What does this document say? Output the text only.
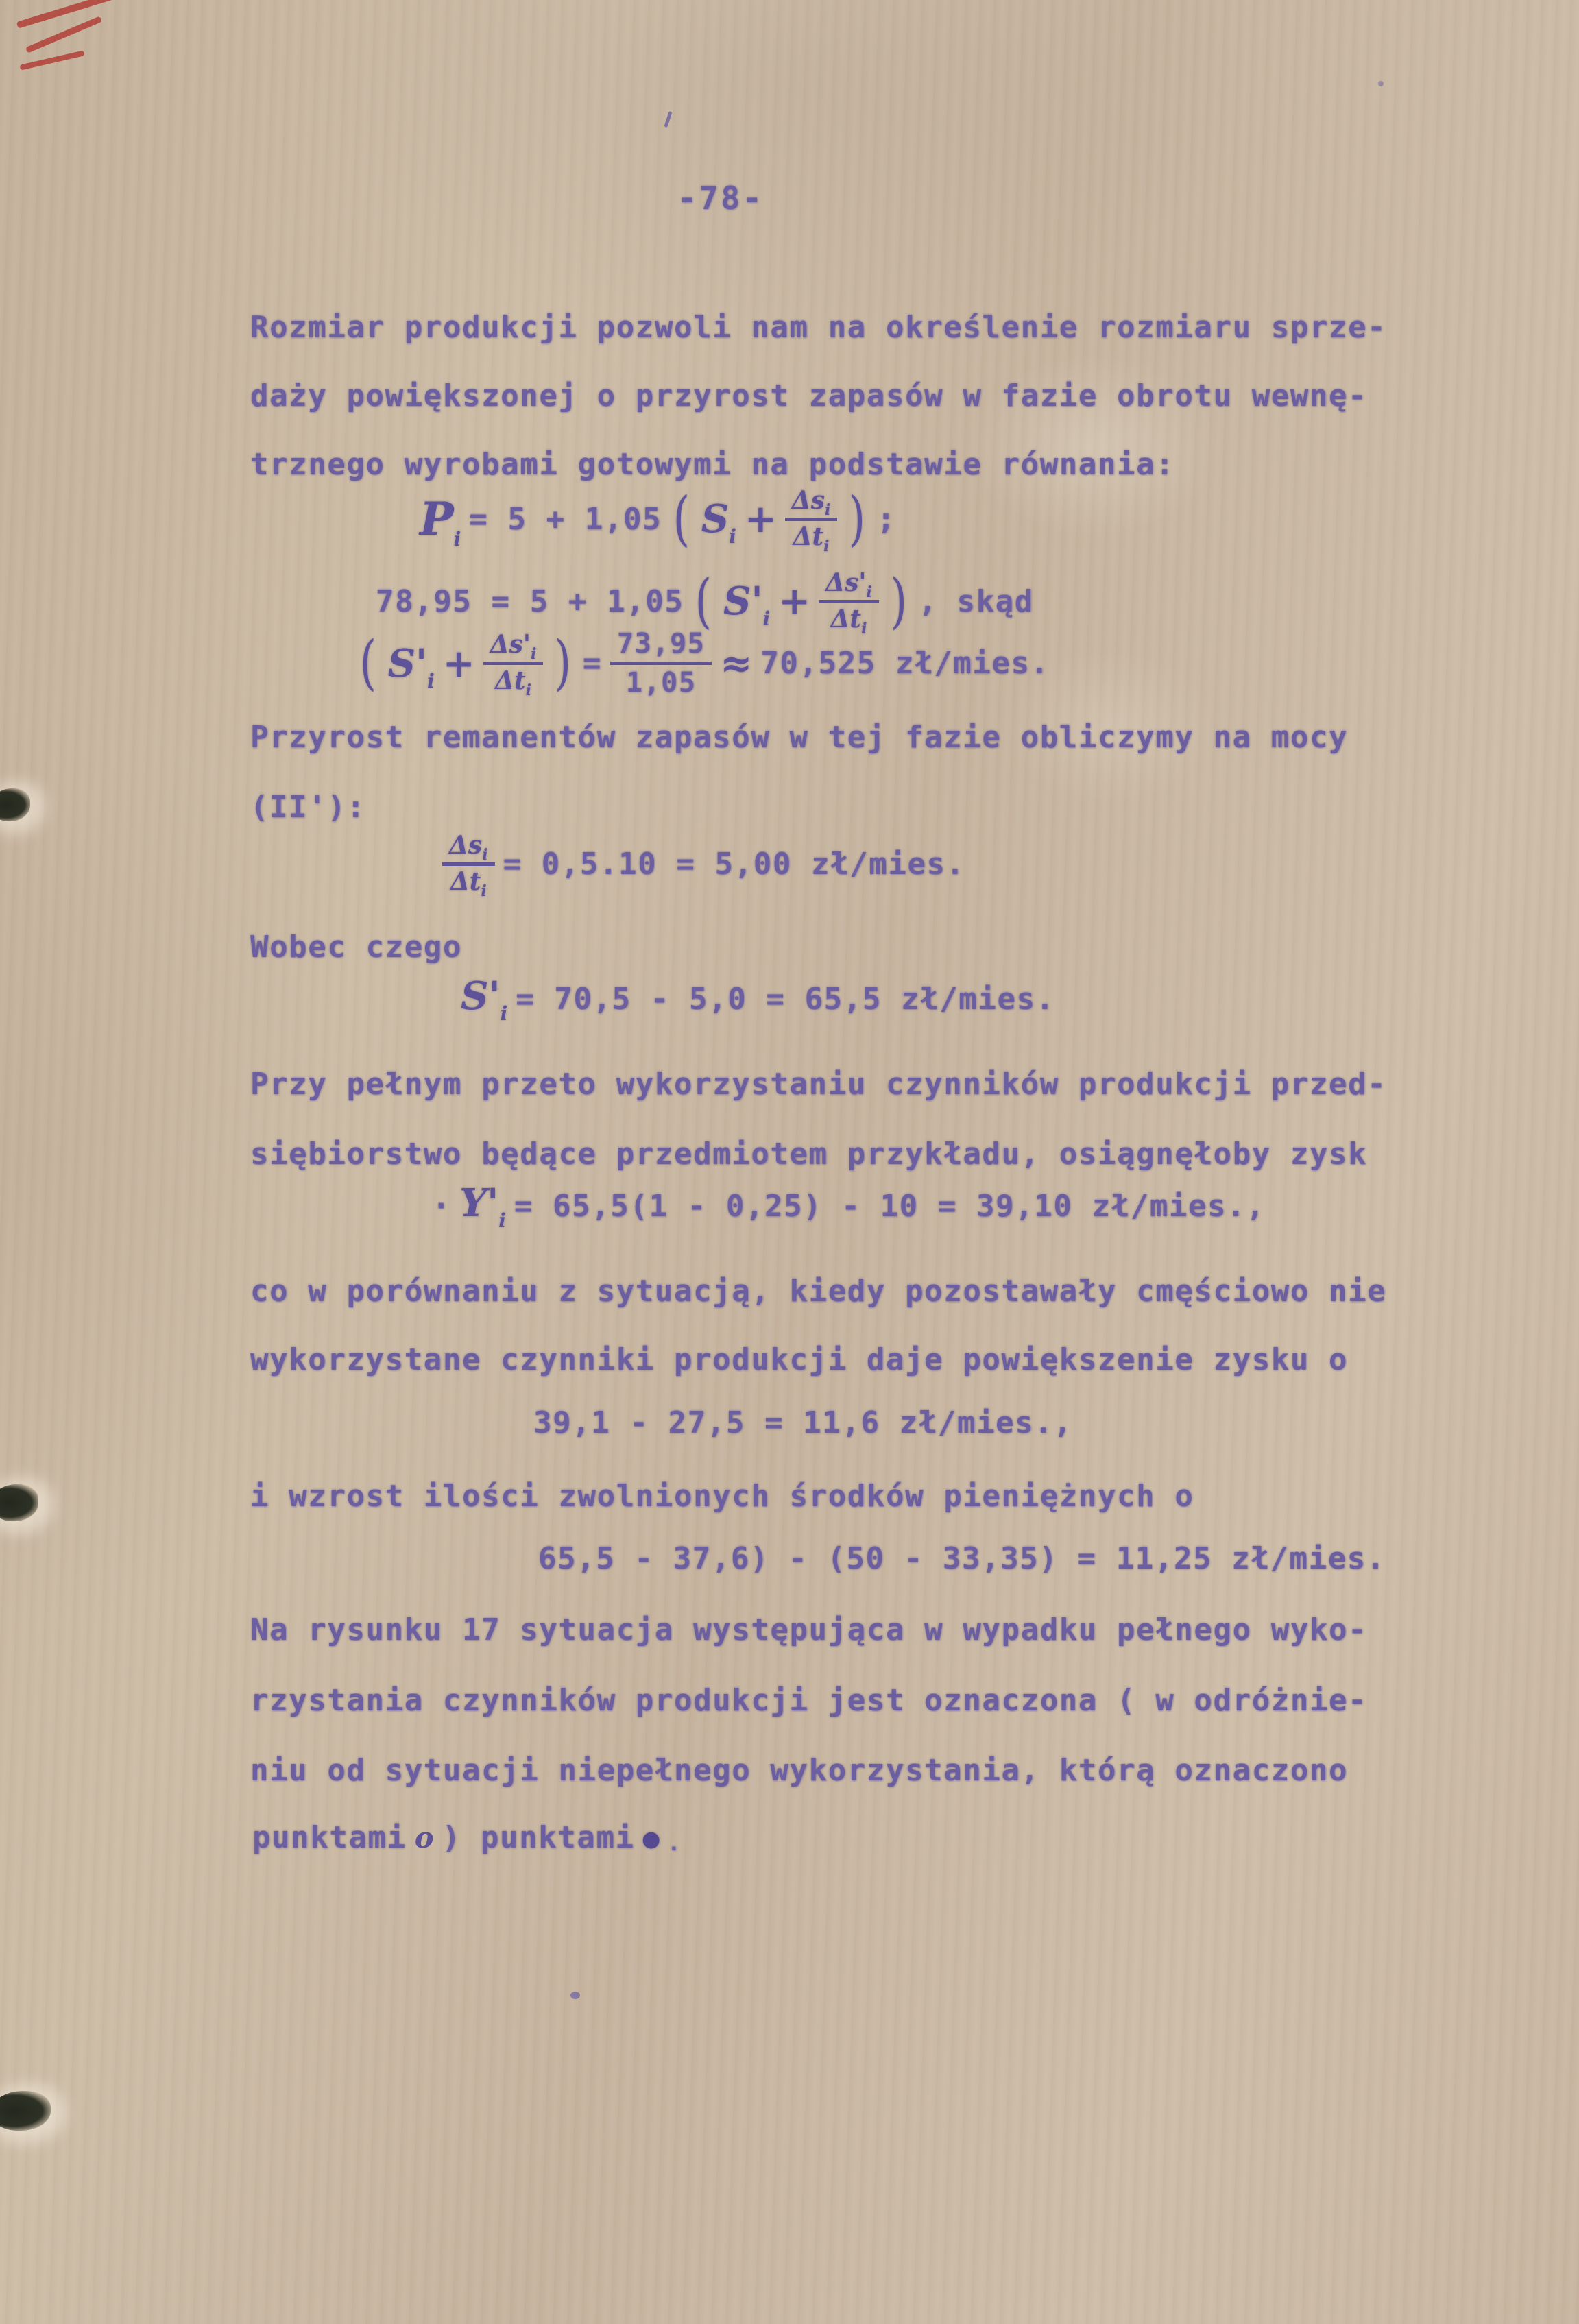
-78-
Rozmiar produkcji pozwoli nam na określenie rozmiaru sprze-
daży powiększonej o przyrost zapasów w fazie obrotu wewnę-
trznego wyrobami gotowymi na podstawie równania:
$P_i$
= 5 + 1,05 ( $S_i + \frac{\Delta s_i}{\Delta t_i}$ ) ;
78,95 = 5 + 1,05 ( $S'_i + \frac{\Delta s'_i}{\Delta t_i}$ ) , skąd
( $S'_i + \frac{\Delta s'_i}{\Delta t_i}$ ) = $\frac{73,95}{1,05} \approx 70,525$ zł/mies.
Przyrost remanentów zapasów w tej fazie obliczymy na mocy
(II'):
$\frac{\Delta s_i}{\Delta t_i} = 0,5.10 = 5,00$ zł/mies.
Wobec czego
$S'_i = 70,5 - 5,0 = 65,5$ zł/mies.
Przy pełnym przeto wykorzystaniu czynników produkcji przed-
siębiorstwo będące przedmiotem przykładu, osiągnęłoby zysk
· $Y'_i = 65,5(1 - 0,25) - 10 = 39,10$ zł/mies.,
co w porównaniu z sytuacją, kiedy pozostawały cmęściowo nie
wykorzystane czynniki produkcji daje powiększenie zysku o
39,1 - 27,5 = 11,6 zł/mies.,
i wzrost ilości zwolnionych środków pieniężnych o
65,5 - 37,6) - (50 - 33,35) = 11,25 zł/mies.
Na rysunku 17 sytuacja występująca w wypadku pełnego wyko-
rzystania czynników produkcji jest oznaczona ( w odróżnie-
niu od sytuacji niepełnego wykorzystania, którą oznaczono
punktami o ) punktami ● .
